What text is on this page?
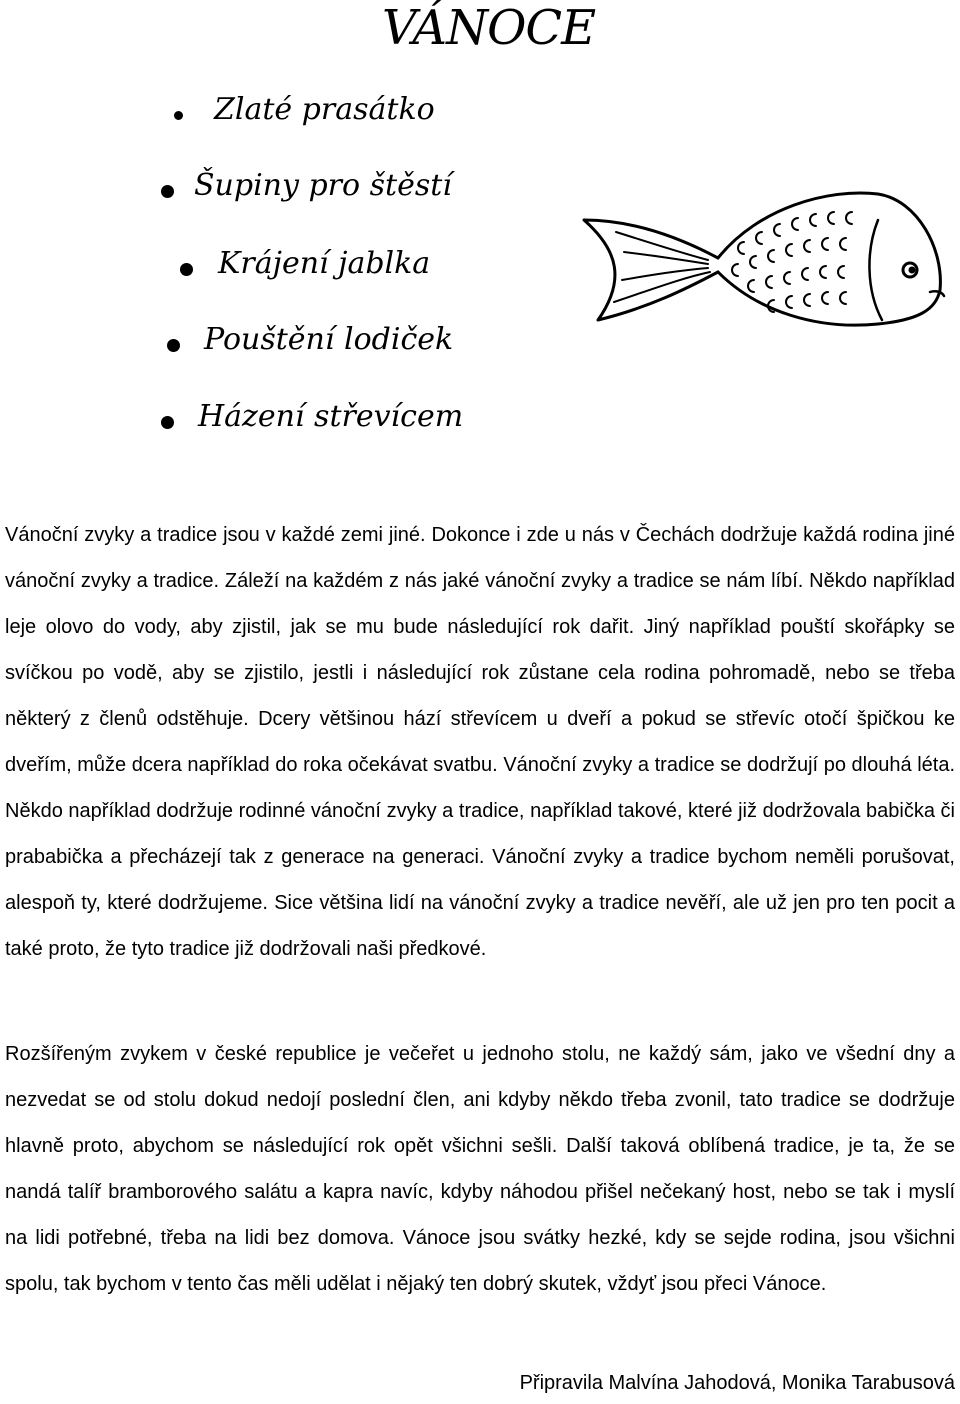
VÁNOCE
Zlaté prasátko
Šupiny pro štěstí
Krájení jablka
Pouštění lodiček
Házení střevícem

Vánoční zvyky a tradice jsou v každé zemi jiné. Dokonce i zde u nás v Čechách dodržuje každá rodina jiné vánoční zvyky a tradice. Záleží na každém z nás jaké vánoční zvyky a tradice se nám líbí. Někdo například leje olovo do vody, aby zjistil, jak se mu bude následující rok dařit. Jiný například pouští skořápky se svíčkou po vodě, aby se zjistilo, jestli i následující rok zůstane cela rodina pohromadě, nebo se třeba některý z členů odstěhuje. Dcery většinou hází střevícem u dveří a pokud se střevíc otočí špičkou ke dveřím, může dcera například do roka očekávat svatbu. Vánoční zvyky a tradice se dodržují po dlouhá léta. Někdo například dodržuje rodinné vánoční zvyky a tradice, například takové, které již dodržovala babička či prababička a přecházejí tak z generace na generaci. Vánoční zvyky a tradice bychom neměli porušovat, alespoň ty, které dodržujeme. Sice většina lidí na vánoční zvyky a tradice nevěří, ale už jen pro ten pocit a také proto, že tyto tradice již dodržovali naši předkové.

Rozšířeným zvykem v české republice je večeřet u jednoho stolu, ne každý sám, jako ve všední dny a nezvedat se od stolu dokud nedojí poslední člen, ani kdyby někdo třeba zvonil, tato tradice se dodržuje hlavně proto, abychom se následující rok opět všichni sešli. Další taková oblíbená tradice, je ta, že se nandá talíř bramborového salátu a kapra navíc, kdyby náhodou přišel nečekaný host, nebo se tak i myslí na lidi potřebné, třeba na lidi bez domova. Vánoce jsou svátky hezké, kdy se sejde rodina, jsou všichni spolu, tak bychom v tento čas měli udělat i nějaký ten dobrý skutek, vždyť jsou přeci Vánoce.

Připravila Malvína Jahodová, Monika Tarabusová
